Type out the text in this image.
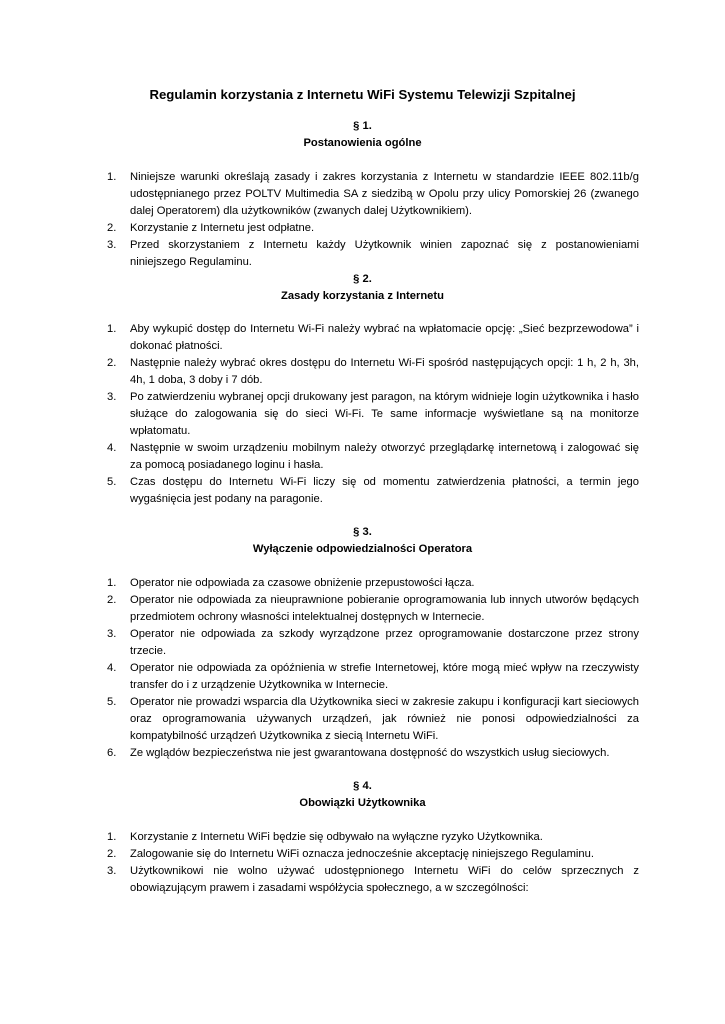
Regulamin korzystania z Internetu WiFi Systemu Telewizji Szpitalnej
§ 1.
Postanowienia ogólne
1.	Niniejsze warunki określają zasady i zakres korzystania z Internetu w standardzie IEEE 802.11b/g udostępnianego przez POLTV Multimedia SA z siedzibą w Opolu przy ulicy Pomorskiej 26 (zwanego dalej Operatorem) dla użytkowników (zwanych dalej Użytkownikiem).
2.	Korzystanie z Internetu jest odpłatne.
3.	Przed skorzystaniem z Internetu każdy Użytkownik winien zapoznać się z postanowieniami niniejszego Regulaminu.
§ 2.
Zasady korzystania z Internetu
1.	Aby wykupić dostęp do Internetu Wi-Fi należy wybrać na wpłatomacie opcję: „Sieć bezprzewodowa” i dokonać płatności.
2.	Następnie należy wybrać okres dostępu do Internetu Wi-Fi spośród następujących opcji: 1 h, 2 h, 3h, 4h, 1 doba, 3 doby i 7 dób.
3.	Po zatwierdzeniu wybranej opcji drukowany jest paragon, na którym widnieje login użytkownika i hasło służące do zalogowania się do sieci Wi-Fi. Te same informacje wyświetlane są na monitorze wpłatomatu.
4.	Następnie w swoim urządzeniu mobilnym należy otworzyć przeglądarkę internetową i zalogować się za pomocą posiadanego loginu i hasła.
5.	Czas dostępu do Internetu Wi-Fi liczy się od momentu zatwierdzenia płatności, a termin jego wygaśnięcia jest podany na paragonie.
§ 3.
Wyłączenie odpowiedzialności Operatora
1.	Operator nie odpowiada za czasowe obniżenie przepustowości łącza.
2.	Operator nie odpowiada za nieuprawnione pobieranie oprogramowania lub innych utworów będących przedmiotem ochrony własności intelektualnej dostępnych w Internecie.
3.	Operator nie odpowiada za szkody wyrządzone przez oprogramowanie dostarczone przez strony trzecie.
4.	Operator nie odpowiada za opóźnienia w strefie Internetowej, które mogą mieć wpływ na rzeczywisty transfer do i z urządzenie Użytkownika w Internecie.
5.	Operator nie prowadzi wsparcia dla Użytkownika sieci w zakresie zakupu i konfiguracji kart sieciowych oraz oprogramowania używanych urządzeń, jak również nie ponosi odpowiedzialności za kompatybilność urządzeń Użytkownika z siecią Internetu WiFi.
6.	Ze wglądów bezpieczeństwa nie jest gwarantowana dostępność do wszystkich usług sieciowych.
§ 4.
Obowiązki Użytkownika
1.	Korzystanie z Internetu WiFi będzie się odbywało na wyłączne ryzyko Użytkownika.
2.	Zalogowanie się do Internetu WiFi oznacza jednocześnie akceptację niniejszego Regulaminu.
3.	Użytkownikowi nie wolno używać udostępnionego Internetu WiFi do celów sprzecznych z obowiązującym prawem i zasadami współżycia społecznego, a w szczególności:
